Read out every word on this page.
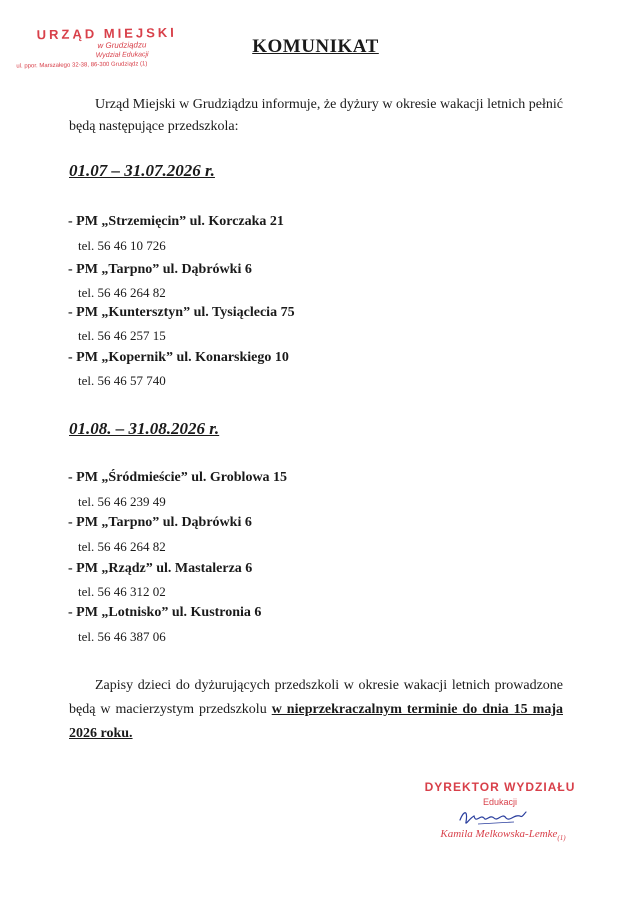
URZĄD MIEJSKI
w Grudziądzu
Wydział Edukacji
ul. ppor. Marszałego 32-38, 86-300 Grudziądz (1)
KOMUNIKAT
Urząd Miejski w Grudziądzu informuje, że dyżury w okresie wakacji letnich pełnić będą następujące przedszkola:
01.07 – 31.07.2026 r.
- PM „Strzemięcin” ul. Korczaka 21
tel. 56 46 10 726
- PM „Tarpno” ul. Dąbrówki 6
tel. 56 46 264 82
- PM „Kuntersztyn” ul. Tysiąclecia 75
tel. 56 46 257 15
- PM „Kopernik” ul. Konarskiego 10
tel. 56 46 57 740
01.08. – 31.08.2026 r.
- PM „Śródmieście” ul. Groblowa 15
tel. 56 46 239 49
- PM „Tarpno” ul. Dąbrówki 6
tel. 56 46 264 82
- PM „Rządz” ul. Mastalerza 6
tel. 56 46 312 02
- PM „Lotnisko” ul. Kustronia 6
tel. 56 46 387 06
Zapisy dzieci do dyżurujących przedszkoli w okresie wakacji letnich prowadzone będą w macierzystym przedszkolu w nieprzekraczalnym terminie do dnia 15 maja 2026 roku.
DYREKTOR WYDZIAŁU
Edukacji
Kamila Melkowska-Lemke$_{(1)}$
